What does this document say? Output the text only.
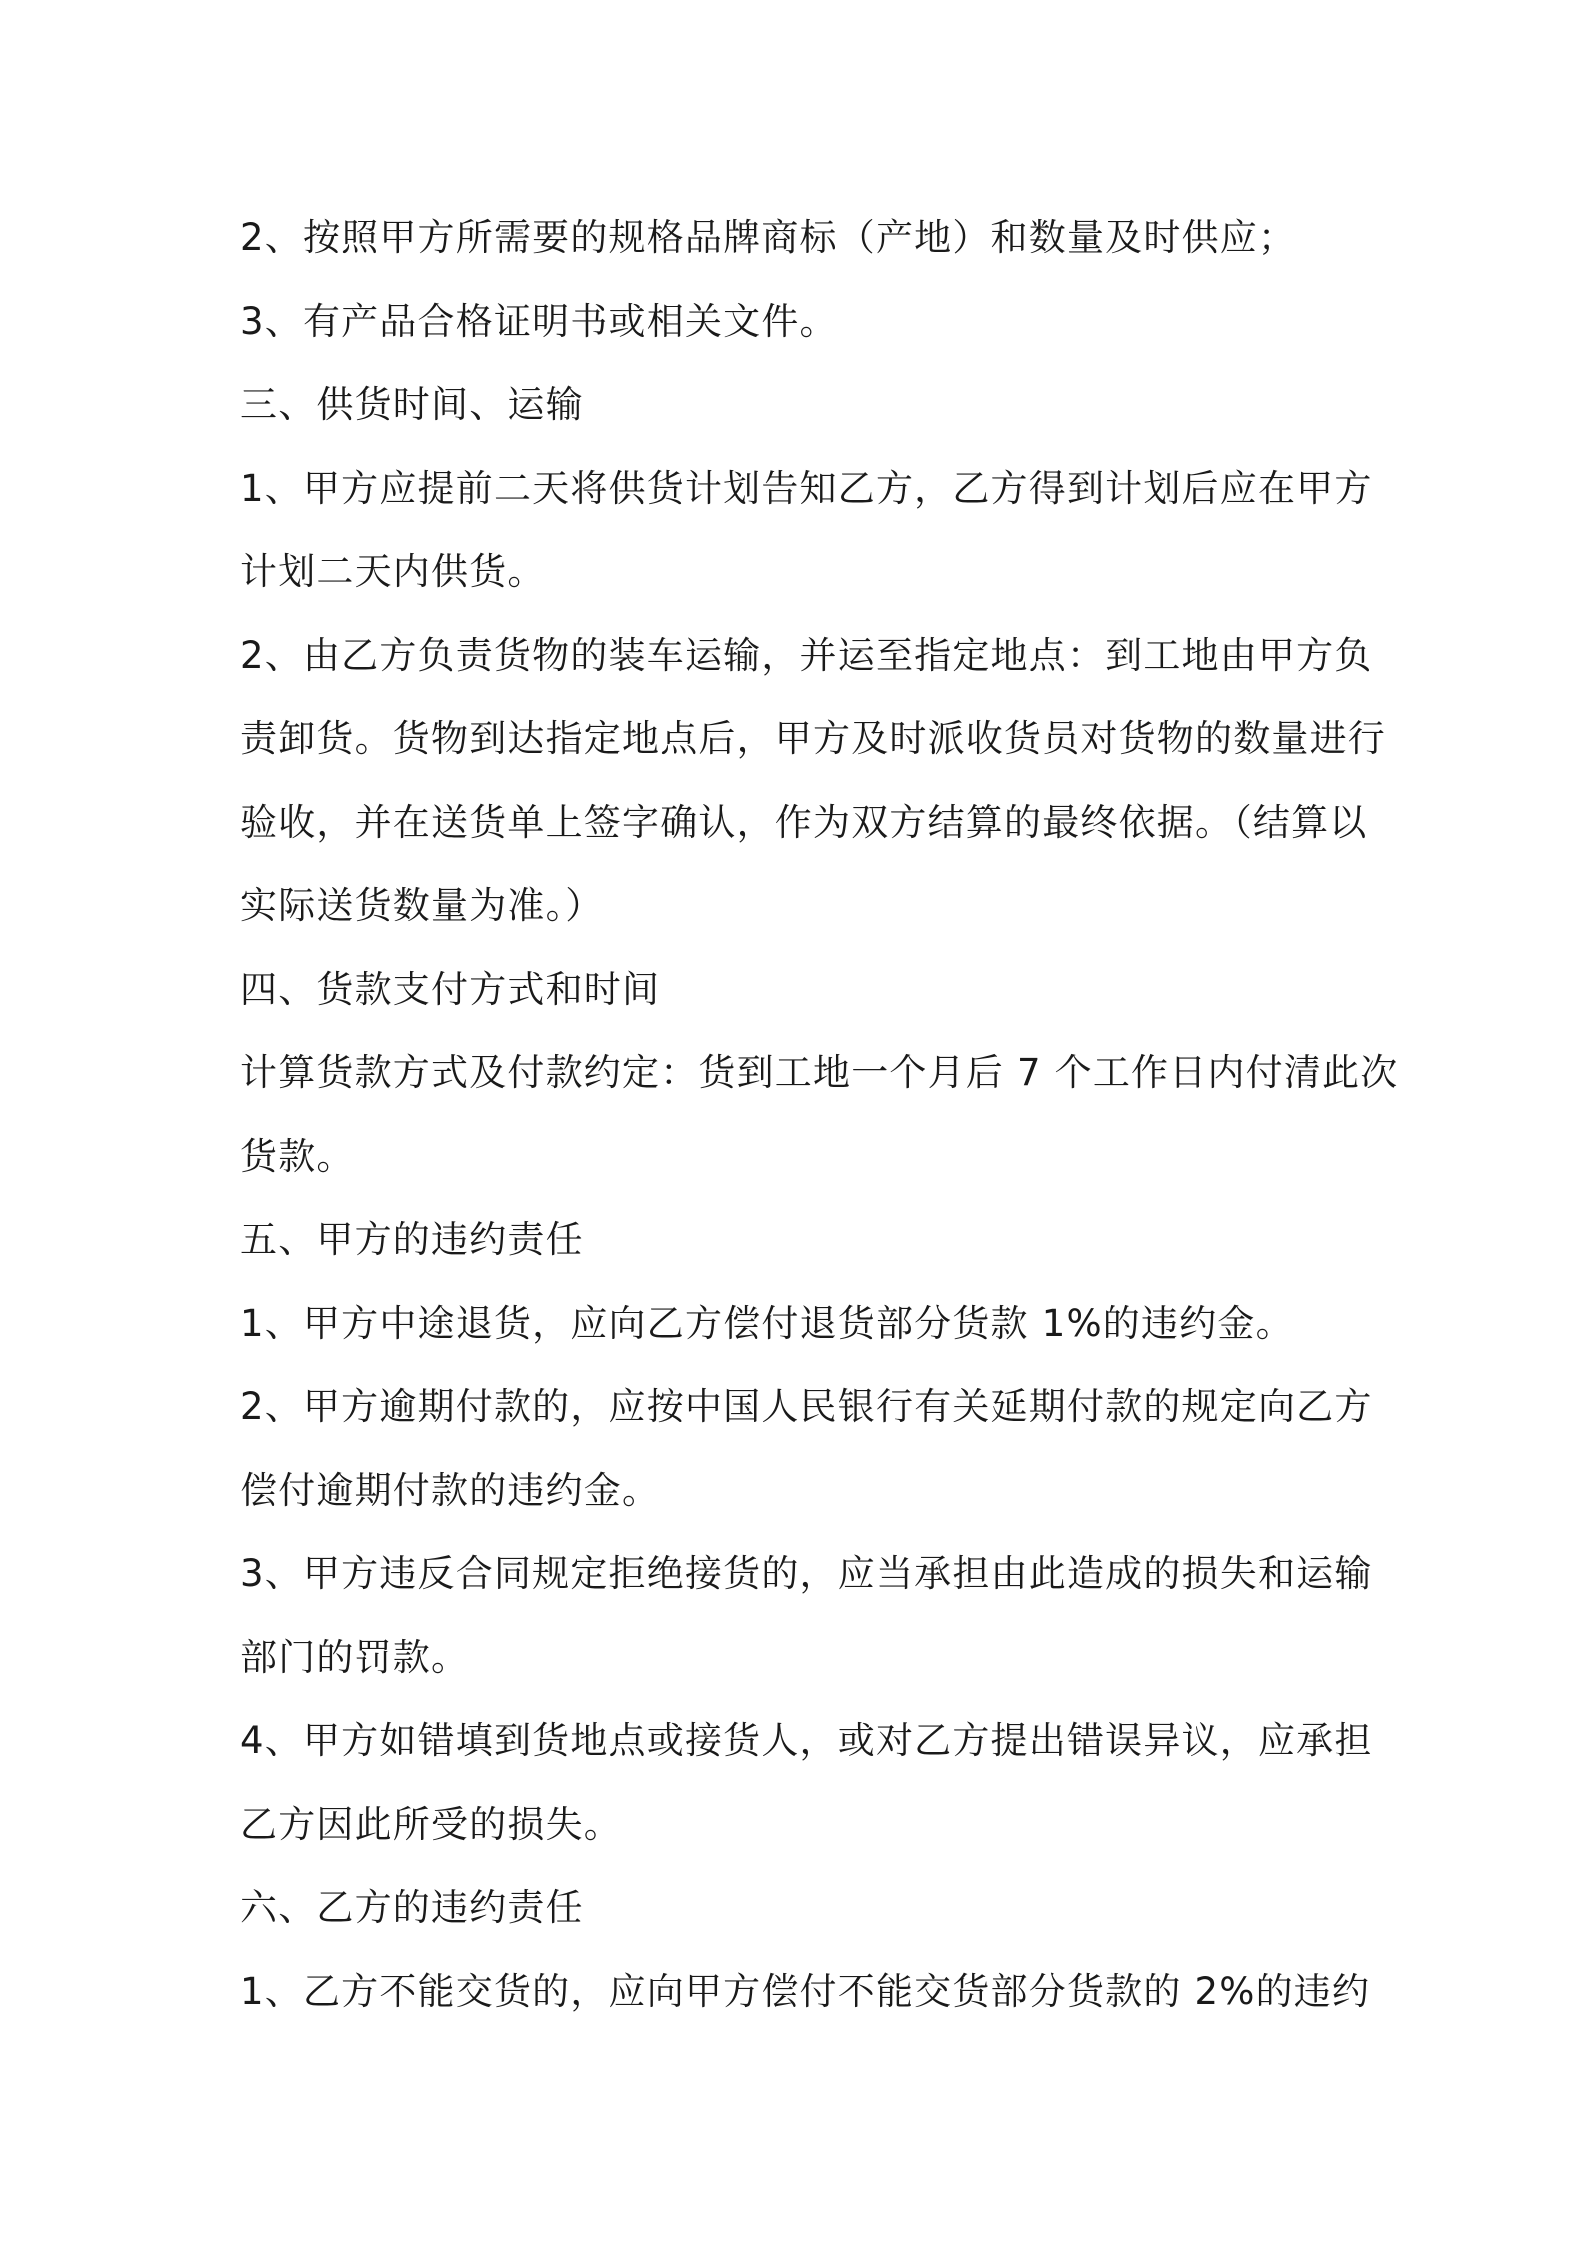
2、按照甲方所需要的规格品牌商标（产地）和数量及时供应；
3、有产品合格证明书或相关文件。
三、供货时间、运输
1、甲方应提前二天将供货计划告知乙方，乙方得到计划后应在甲方
计划二天内供货。
2、由乙方负责货物的装车运输，并运至指定地点：到工地由甲方负
责卸货。货物到达指定地点后，甲方及时派收货员对货物的数量进行
验收，并在送货单上签字确认，作为双方结算的最终依据。（结算以
实际送货数量为准。）
四、货款支付方式和时间
计算货款方式及付款约定：货到工地一个月后 7 个工作日内付清此次
货款。
五、甲方的违约责任
1、甲方中途退货，应向乙方偿付退货部分货款 1%的违约金。
2、甲方逾期付款的，应按中国人民银行有关延期付款的规定向乙方
偿付逾期付款的违约金。
3、甲方违反合同规定拒绝接货的，应当承担由此造成的损失和运输
部门的罚款。
4、甲方如错填到货地点或接货人，或对乙方提出错误异议，应承担
乙方因此所受的损失。
六、乙方的违约责任
1、乙方不能交货的，应向甲方偿付不能交货部分货款的 2%的违约
